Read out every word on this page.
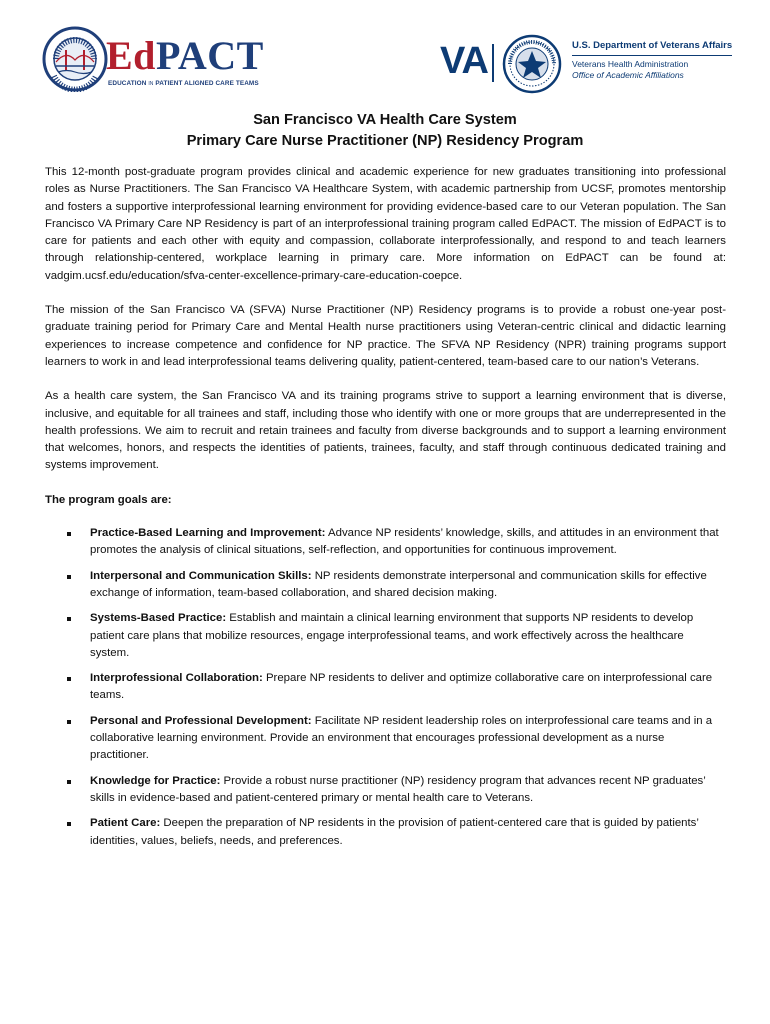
EdPACT
EDUCATION IN PATIENT ALIGNED CARE TEAMS
VA	U.S. Department of Veterans Affairs
Veterans Health Administration
Office of Academic Affiliations
San Francisco VA Health Care System
Primary Care Nurse Practitioner (NP) Residency Program

This 12-month post-graduate program provides clinical and academic experience for new graduates transitioning into professional roles as Nurse Practitioners. The San Francisco VA Healthcare System, with academic partnership from UCSF, promotes mentorship and fosters a supportive interprofessional learning environment for providing evidence-based care to our Veteran population. The San Francisco VA Primary Care NP Residency is part of an interprofessional training program called EdPACT. The mission of EdPACT is to care for patients and each other with equity and compassion, collaborate interprofessionally, and respond to and teach learners through relationship-centered, workplace learning in primary care. More information on EdPACT can be found at: vadgim.ucsf.edu/education/sfva-center-excellence-primary-care-education-coepce.

The mission of the San Francisco VA (SFVA) Nurse Practitioner (NP) Residency programs is to provide a robust one-year post-graduate training period for Primary Care and Mental Health nurse practitioners using Veteran-centric clinical and didactic learning experiences to increase competence and confidence for NP practice. The SFVA NP Residency (NPR) training programs support learners to work in and lead interprofessional teams delivering quality, patient-centered, team-based care to our nation’s Veterans.

As a health care system, the San Francisco VA and its training programs strive to support a learning environment that is diverse, inclusive, and equitable for all trainees and staff, including those who identify with one or more groups that are underrepresented in the health professions. We aim to recruit and retain trainees and faculty from diverse backgrounds and to support a learning environment that welcomes, honors, and respects the identities of patients, trainees, faculty, and staff through continuous dedicated training and systems improvement.

The program goals are:
Practice-Based Learning and Improvement: Advance NP residents’ knowledge, skills, and attitudes in an environment that promotes the analysis of clinical situations, self-reflection, and opportunities for continuous improvement.
Interpersonal and Communication Skills: NP residents demonstrate interpersonal and communication skills for effective exchange of information, team-based collaboration, and shared decision making.
Systems-Based Practice: Establish and maintain a clinical learning environment that supports NP residents to develop patient care plans that mobilize resources, engage interprofessional teams, and work effectively across the healthcare system.
Interprofessional Collaboration: Prepare NP residents to deliver and optimize collaborative care on interprofessional care teams.
Personal and Professional Development: Facilitate NP resident leadership roles on interprofessional care teams and in a collaborative learning environment. Provide an environment that encourages professional development as a nurse practitioner.
Knowledge for Practice: Provide a robust nurse practitioner (NP) residency program that advances recent NP graduates’ skills in evidence-based and patient-centered primary or mental health care to Veterans.
Patient Care: Deepen the preparation of NP residents in the provision of patient-centered care that is guided by patients’ identities, values, beliefs, needs, and preferences.
